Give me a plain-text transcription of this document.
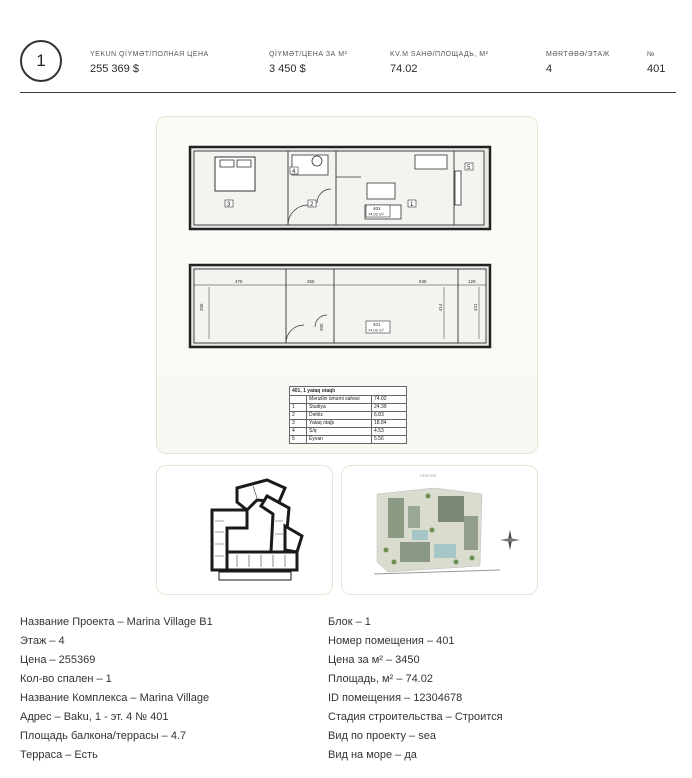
1	YEKUN QİYMƏT/ПОЛНАЯ ЦЕНА
255 369 $
QİYMƏT/ЦЕНА ЗА М²
3 450 $
KV.M SAHƏ/ПЛОЩАДЬ, М²
74.02
MƏRTƏBƏ/ЭТАЖ
4
№
401
3	2	1
4
5
401
74.02 m²
478	255	638	129
396
205
414	431
401
74.02 m²
401, 1 yataq otaqlı
	Mənzilin ümumi sahəsi	74.02
1	Studiya	24.39
2	Dəhliz	6.83
3	Yataq otağı	18.84
4	S/q	4.53
5	Eyvan	5.56
CENTRE
Название Проекта – Marina Village B1
Этаж – 4
Цена – 255369
Кол-во спален – 1
Название Комплекса – Marina Village
Адрес – Baku, 1 - эт. 4 № 401
Площадь балкона/террасы – 4.7
Терраса – Есть
Блок – 1
Номер помещения – 401
Цена за м² – 3450
Площадь, м² – 74.02
ID помещения – 12304678
Стадия строительства – Строится
Вид по проекту – sea
Вид на море – да
